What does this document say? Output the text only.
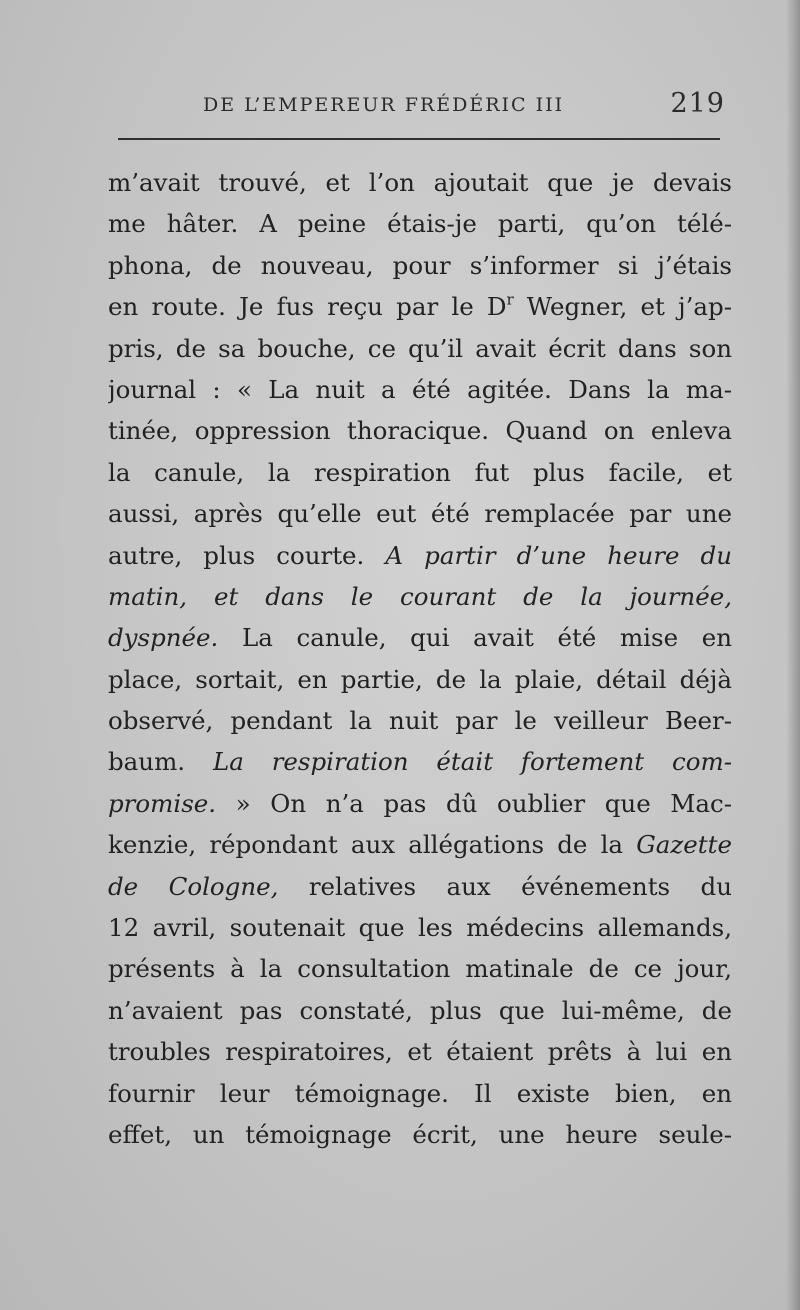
DE L’EMPEREUR FRÉDÉRIC III	219
m’avait trouvé, et l’on ajoutait que je devais
me hâter. A peine étais-je parti, qu’on télé-
phona, de nouveau, pour s’informer si j’étais
en route. Je fus reçu par le $D^r$ Wegner, et j’ap-
pris, de sa bouche, ce qu’il avait écrit dans son
journal : « La nuit a été agitée. Dans la ma-
tinée, oppression thoracique. Quand on enleva
la canule, la respiration fut plus facile, et
aussi, après qu’elle eut été remplacée par une
autre, plus courte. A partir d’une heure du
matin, et dans le courant de la journée,
dyspnée. La canule, qui avait été mise en
place, sortait, en partie, de la plaie, détail déjà
observé, pendant la nuit par le veilleur Beer-
baum. La respiration était fortement com-
promise. » On n’a pas dû oublier que Mac-
kenzie, répondant aux allégations de la Gazette
de Cologne, relatives aux événements du
12 avril, soutenait que les médecins allemands,
présents à la consultation matinale de ce jour,
n’avaient pas constaté, plus que lui-même, de
troubles respiratoires, et étaient prêts à lui en
fournir leur témoignage. Il existe bien, en
effet, un témoignage écrit, une heure seule-
